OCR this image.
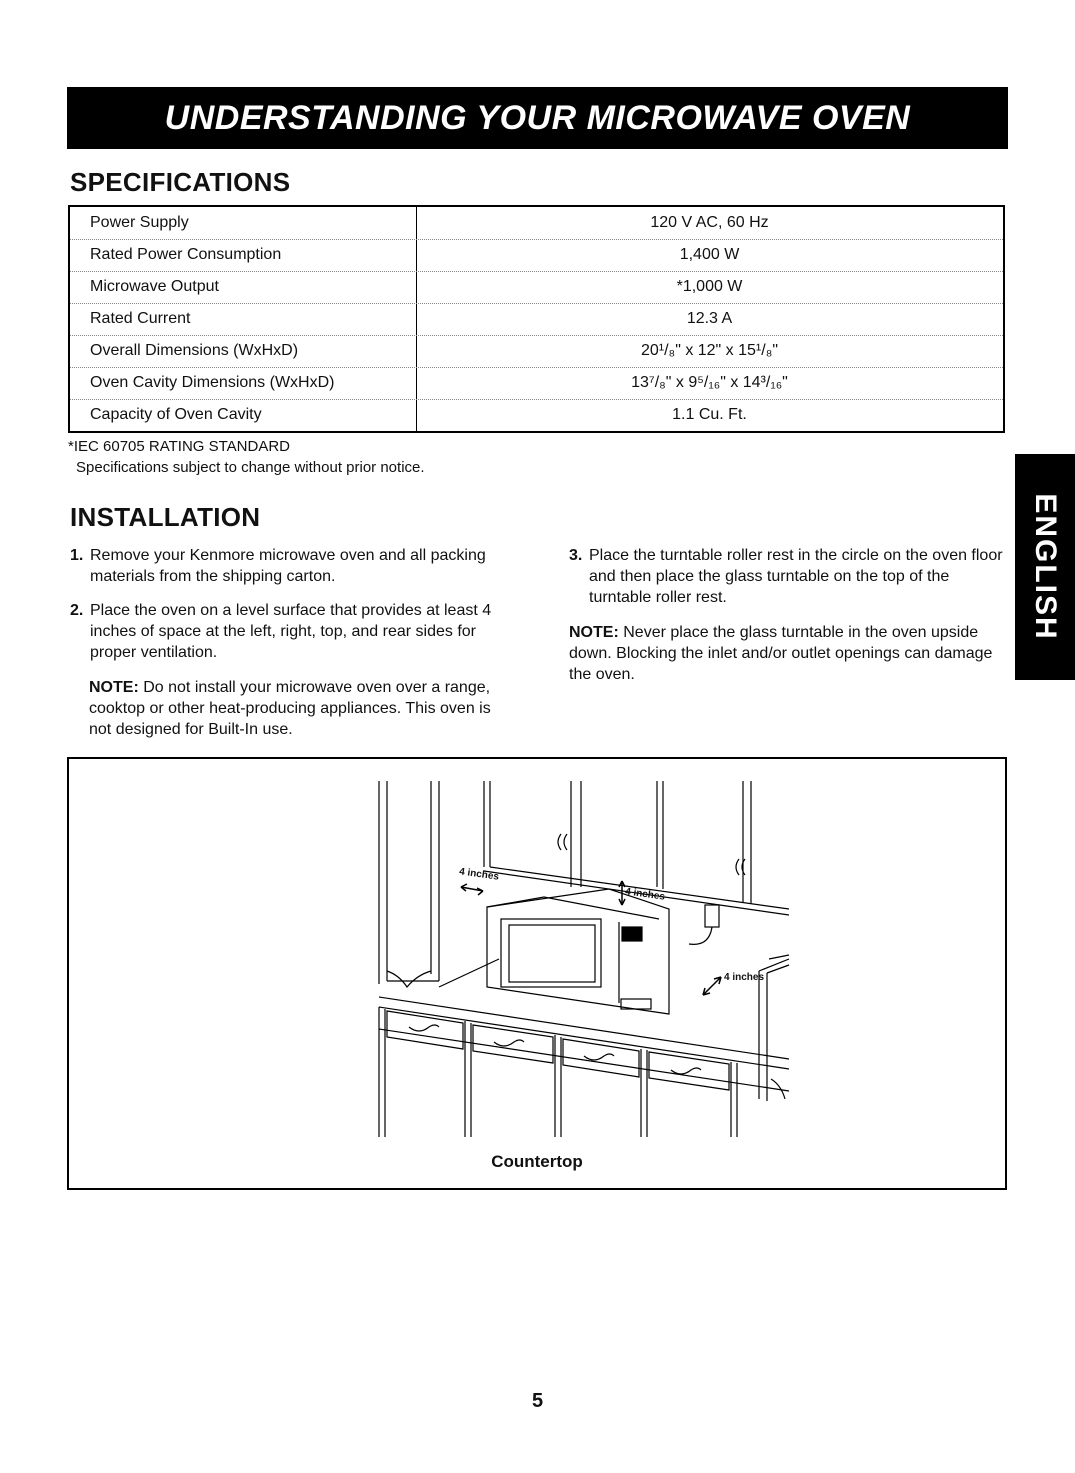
UNDERSTANDING YOUR MICROWAVE OVEN
SPECIFICATIONS
Power Supply	120 V AC, 60 Hz
Rated Power Consumption	1,400 W
Microwave Output	*1,000 W
Rated Current	12.3 A
Overall Dimensions (WxHxD)	20¹/₈" x 12" x 15¹/₈"
Oven Cavity Dimensions (WxHxD)	13⁷/₈" x 9⁵/₁₆" x 14³/₁₆"
Capacity of Oven Cavity	1.1 Cu. Ft.
*IEC 60705 RATING STANDARD
Specifications subject to change without prior notice.
ENGLISH
INSTALLATION
1. Remove your Kenmore microwave oven and all packing materials from the shipping carton.
2. Place the oven on a level surface that provides at least 4 inches of space at the left, right, top, and rear sides for proper ventilation.
NOTE: Do not install your microwave oven over a range, cooktop or other heat-producing appliances. This oven is not designed for Built-In use.
3. Place the turntable roller rest in the circle on the oven floor and then place the glass turntable on the top of the turntable roller rest.
NOTE: Never place the glass turntable in the oven upside down. Blocking the inlet and/or outlet openings can damage the oven.
4 inches
4 inches
4 inches
Countertop
5
